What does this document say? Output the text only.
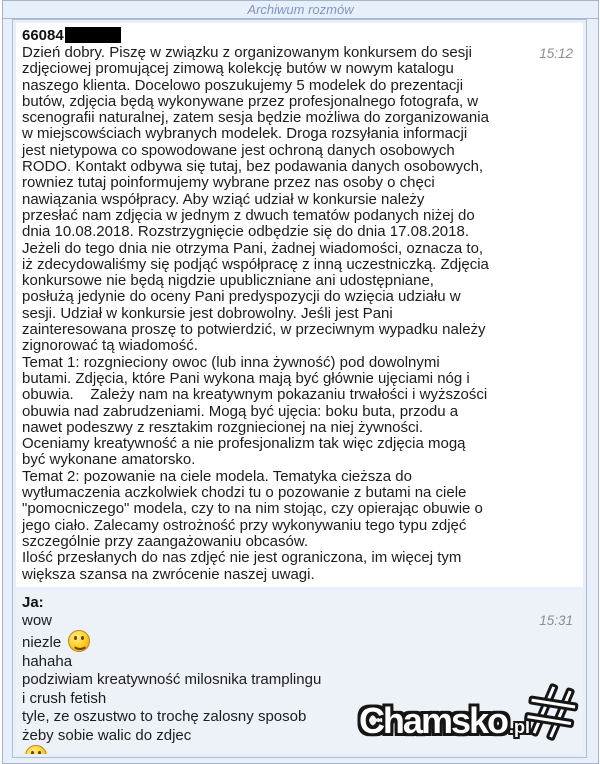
Archiwum rozmów
66084
15:12
Dzień dobry. Piszę w związku z organizowanym konkursem do sesji
zdjęciowej promującej zimową kolekcję butów w nowym katalogu
naszego klienta. Docelowo poszukujemy 5 modelek do prezentacji
butów, zdjęcia będą wykonywane przez profesjonalnego fotografa, w
scenografii naturalnej, zatem sesja będzie możliwa do zorganizowania
w miejscowściach wybranych modelek. Droga rozsyłania informacji
jest nietypowa co spowodowane jest ochroną danych osobowych
RODO. Kontakt odbywa się tutaj, bez podawania danych osobowych,
rowniez tutaj poinformujemy wybrane przez nas osoby o chęci
nawiązania współpracy. Aby wziąć udział w konkursie należy
przesłać nam zdjęcia w jednym z dwuch tematów podanych niżej do
dnia 10.08.2018. Rozstrzygnięcie odbędzie się do dnia 17.08.2018.
Jeżeli do tego dnia nie otrzyma Pani, żadnej wiadomości, oznacza to,
iż zdecydowaliśmy się podjąć współpracę z inną uczestniczką. Zdjęcia
konkursowe nie będą nigdzie upubliczniane ani udostępniane,
posłużą jedynie do oceny Pani predyspozycji do wzięcia udziału w
sesji. Udział w konkursie jest dobrowolny. Jeśli jest Pani
zainteresowana proszę to potwierdzić, w przeciwnym wypadku należy
zignorować tą wiadomość.
Temat 1: rozgnieciony owoc (lub inna żywność) pod dowolnymi
butami. Zdjęcia, które Pani wykona mają być głównie ujęciami nóg i
obuwia.    Zależy nam na kreatywnym pokazaniu trwałości i wyższości
obuwia nad zabrudzeniami. Mogą być ujęcia: boku buta, przodu a
nawet podeszwy z resztakim rozgniecionej na niej żywności.
Oceniamy kreatywność a nie profesjonalizm tak więc zdjęcia mogą
być wykonane amatorsko.
Temat 2: pozowanie na ciele modela. Tematyka cieższa do
wytłumaczenia aczkolwiek chodzi tu o pozowanie z butami na ciele
"pomocniczego" modela, czy to na nim stojąc, czy opierając obuwie o
jego ciało. Zalecamy ostrożność przy wykonywaniu tego typu zdjęć
szczególnie przy zaangażowaniu obcasów.
Ilość przesłanych do nas zdjęć nie jest ograniczona, im więcej tym
większa szansa na zwrócenie naszej uwagi.
Ja:
15:31
wow
niezle
hahaha
podziwiam kreatywność milosnika tramplingu
i crush fetish
tyle, ze oszustwo to trochę zalosny sposob
żeby sobie walic do zdjec	Chamsko .pl
